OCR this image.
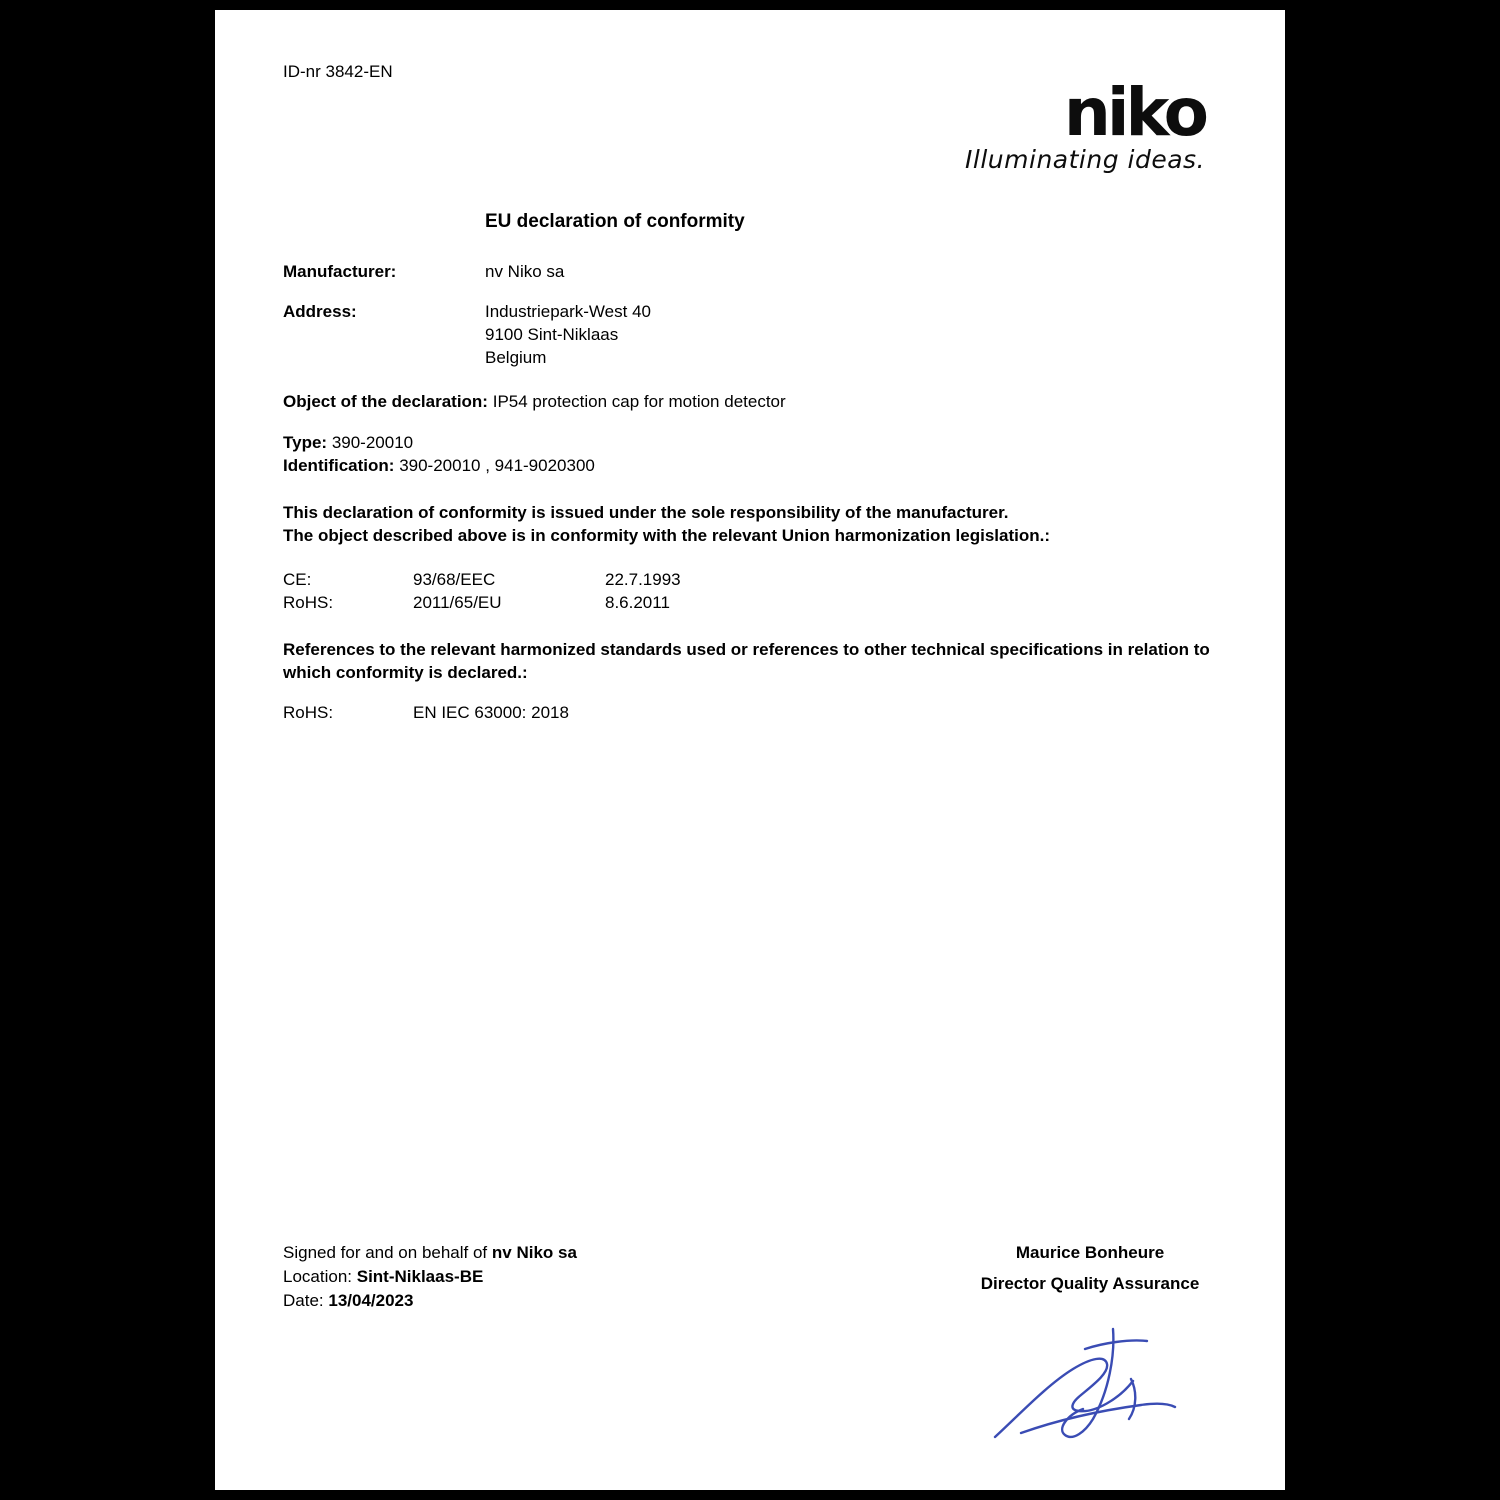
ID-nr 3842-EN
niko
Illuminating ideas.
EU declaration of conformity
Manufacturer:	nv Niko sa
Address:	Industriepark-West 40
9100 Sint-Niklaas
Belgium
Object of the declaration: IP54 protection cap for motion detector
Type: 390-20010
Identification: 390-20010 , 941-9020300
This declaration of conformity is issued under the sole responsibility of the manufacturer.
The object described above is in conformity with the relevant Union harmonization legislation.:
CE:	93/68/EEC	22.7.1993
RoHS:	2011/65/EU	8.6.2011
References to the relevant harmonized standards used or references to other technical specifications in relation to which conformity is declared.:
RoHS:	EN IEC 63000: 2018
Signed for and on behalf of nv Niko sa
Location: Sint-Niklaas-BE
Date: 13/04/2023
Maurice Bonheure
Director Quality Assurance
